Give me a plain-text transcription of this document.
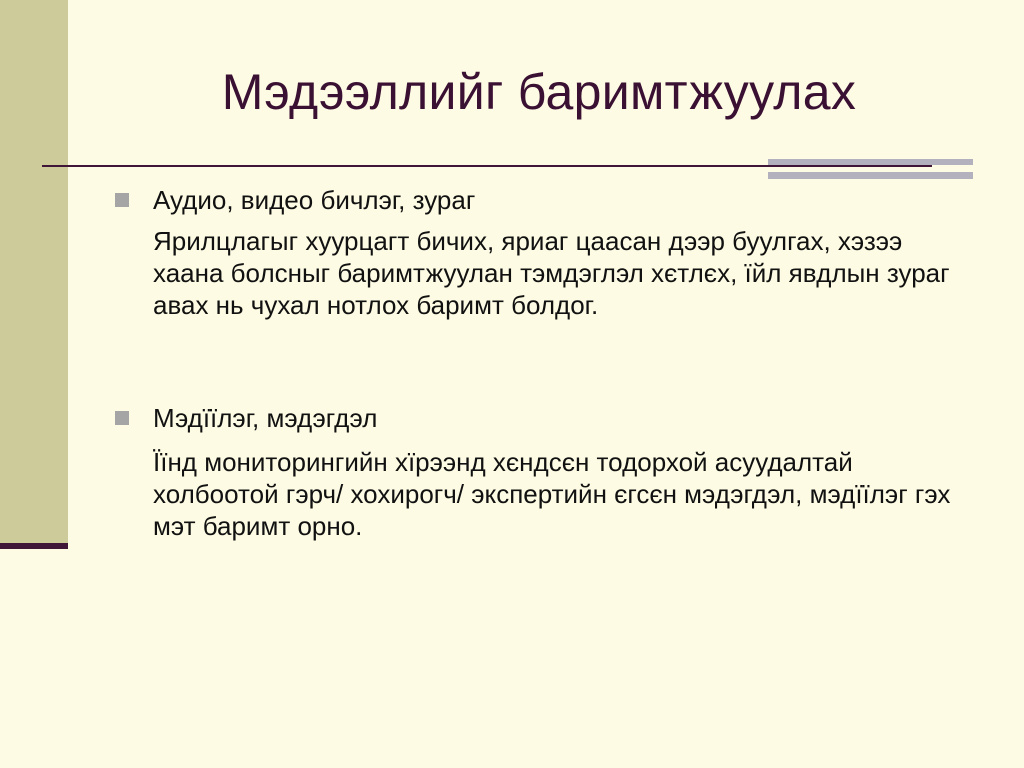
Мэдээллийг баримтжуулах

Аудио, видео бичлэг, зураг

Ярилцлагыг хуурцагт бичих, яриаг цаасан дээр буулгах, хэзээ хаана болсныг баримтжуулан тэмдэглэл хєтлєх, їйл явдлын зураг авах нь чухал нотлох баримт болдог.

Мэдїїлэг, мэдэгдэл

Їїнд мониторингийн хїрээнд хєндсєн тодорхой асуудалтай холбоотой гэрч/ хохирогч/ экспертийн єгсєн мэдэгдэл, мэдїїлэг гэх мэт баримт орно.
